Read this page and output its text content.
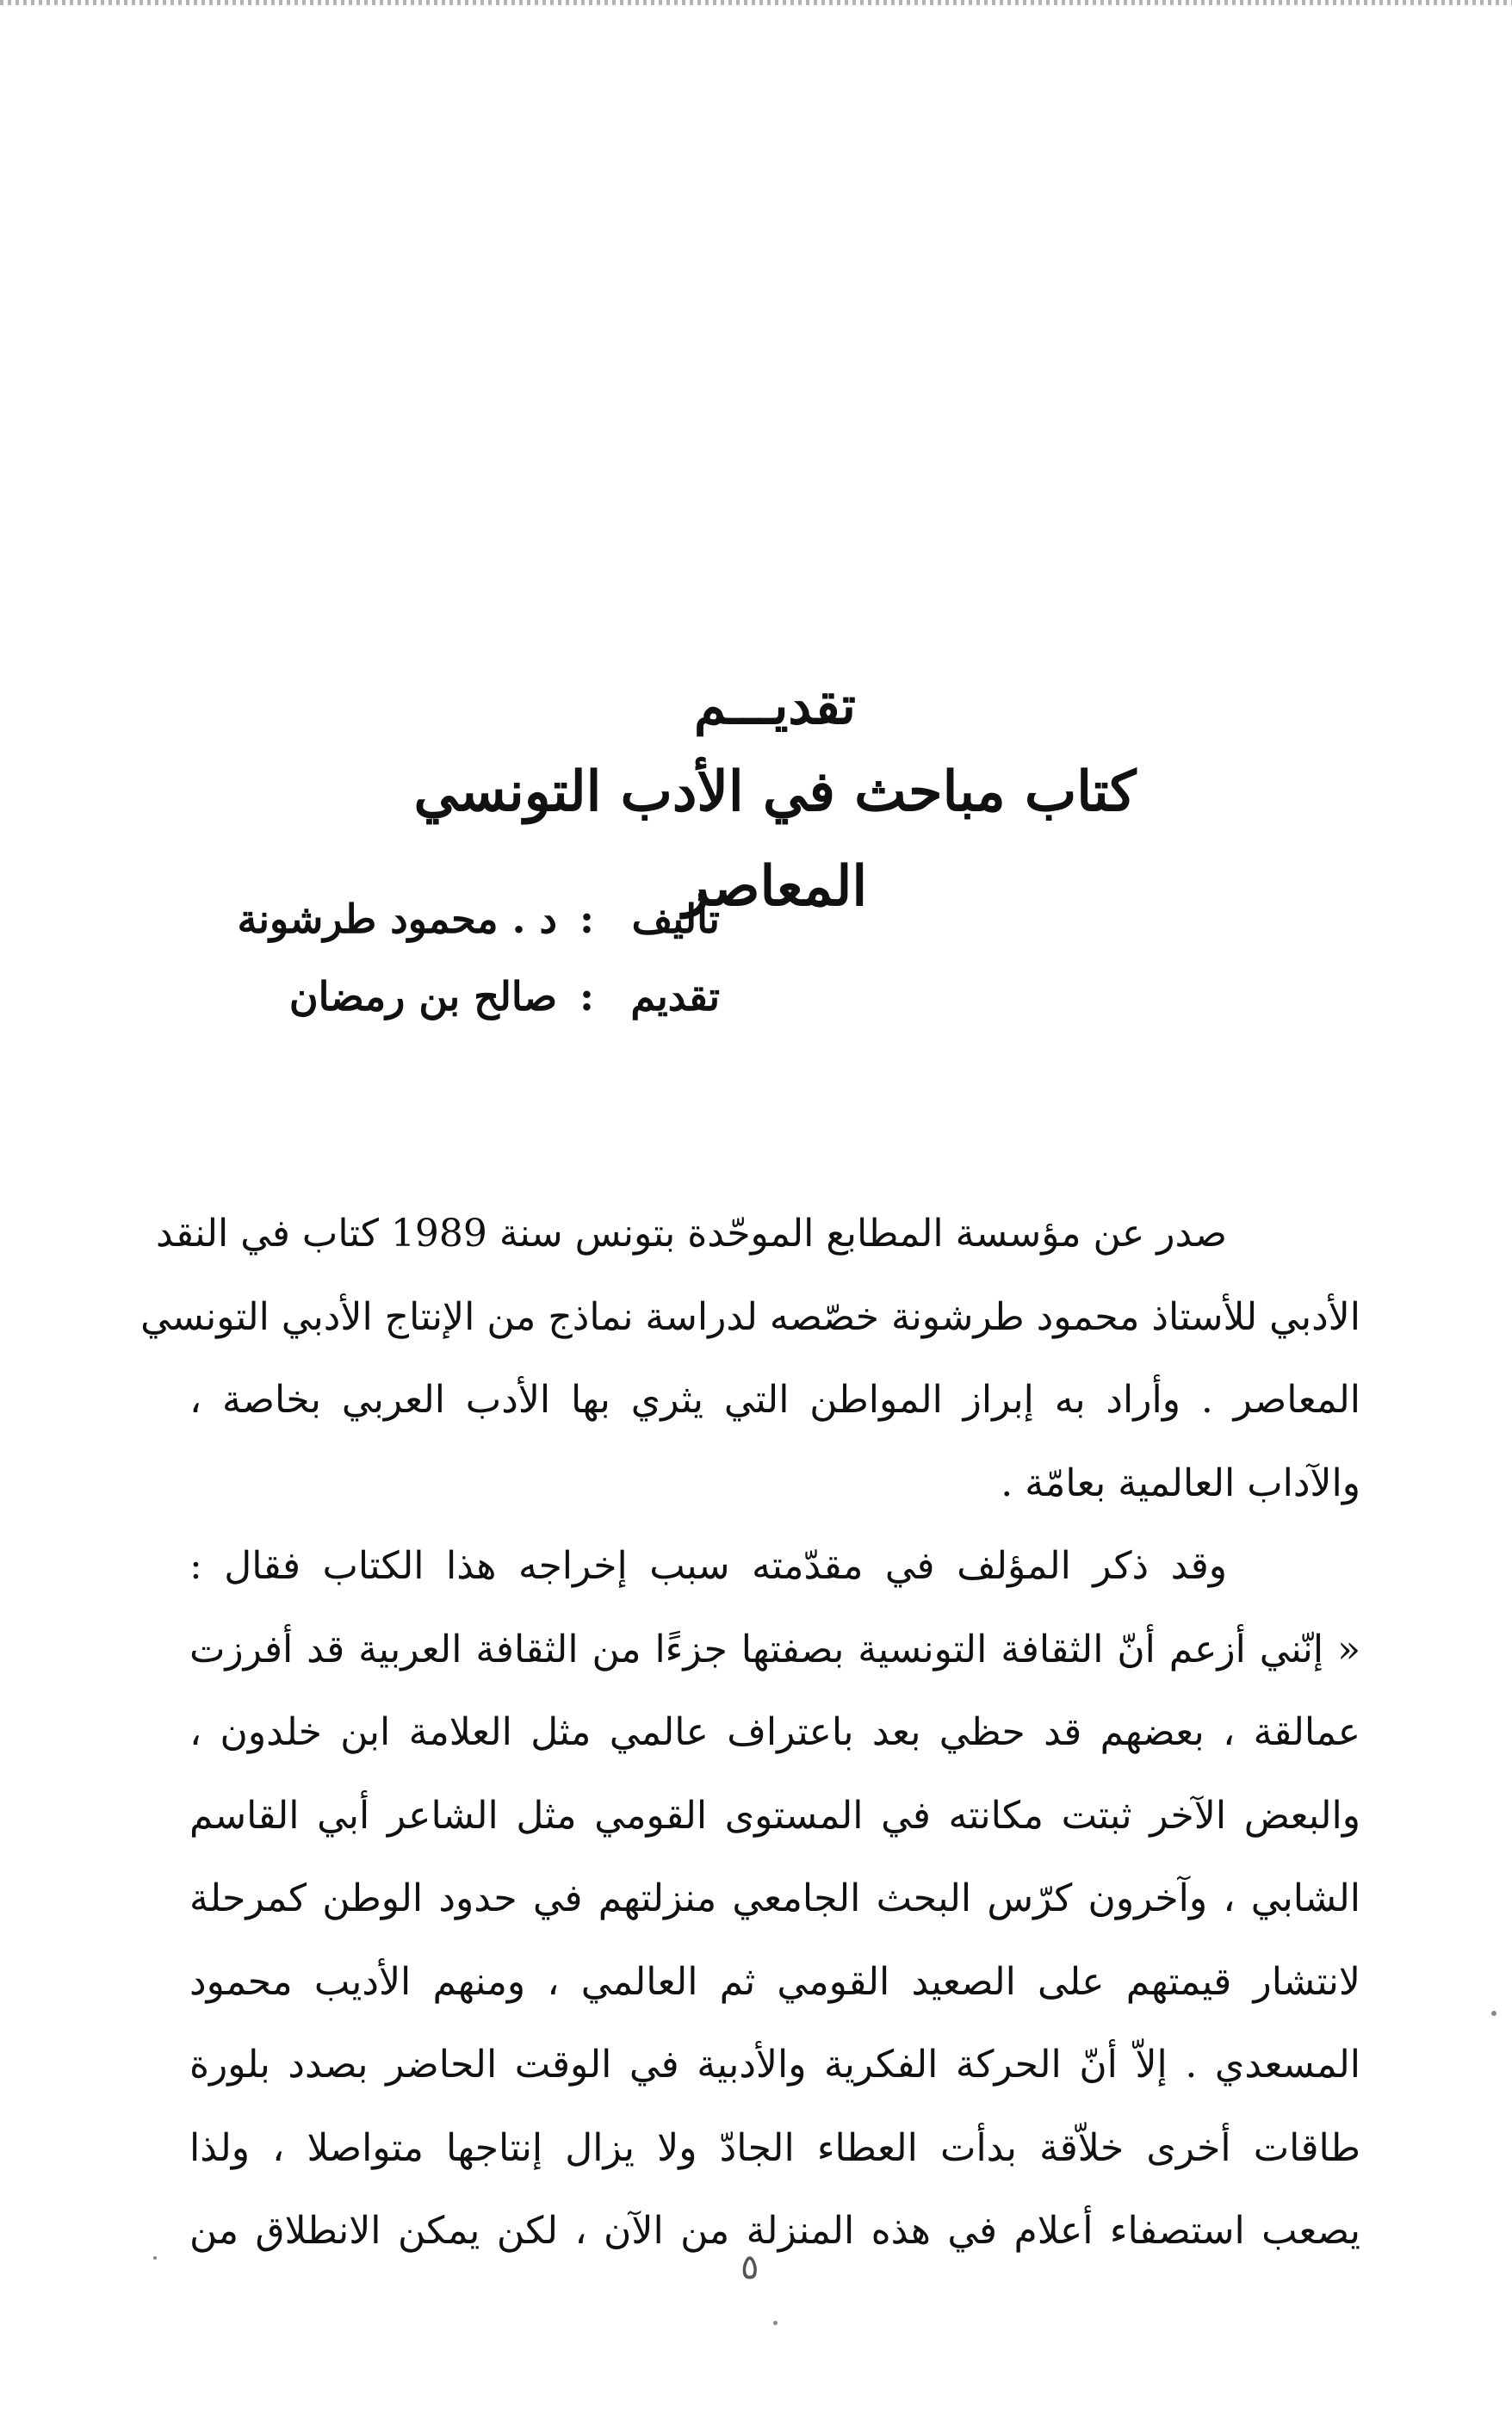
تقديـــم
كتاب مباحث في الأدب التونسي المعاصر
تأليف
:
د . محمود طرشونة
تقديم
:
صالح بن رمضان
صدر عن مؤسسة المطابع الموحّدة بتونس سنة 1989 كتاب في النقد
الأدبي للأستاذ محمود طرشونة خصّصه لدراسة نماذج من الإنتاج الأدبي التونسي
المعاصر . وأراد به إبراز المواطن التي يثري بها الأدب العربي بخاصة ،
والآداب العالمية بعامّة .
وقد ذكر المؤلف في مقدّمته سبب إخراجه هذا الكتاب فقال :
« إنّني أزعم أنّ الثقافة التونسية بصفتها جزءًا من الثقافة العربية قد أفرزت
عمالقة ، بعضهم قد حظي بعد باعتراف عالمي مثل العلامة ابن خلدون ،
والبعض الآخر ثبتت مكانته في المستوى القومي مثل الشاعر أبي القاسم
الشابي ، وآخرون كرّس البحث الجامعي منزلتهم في حدود الوطن كمرحلة
لانتشار قيمتهم على الصعيد القومي ثم العالمي ، ومنهم الأديب محمود
المسعدي . إلاّ أنّ الحركة الفكرية والأدبية في الوقت الحاضر بصدد بلورة
طاقات أخرى خلاّقة بدأت العطاء الجادّ ولا يزال إنتاجها متواصلا ، ولذا
يصعب استصفاء أعلام في هذه المنزلة من الآن ، لكن يمكن الانطلاق من
٥
